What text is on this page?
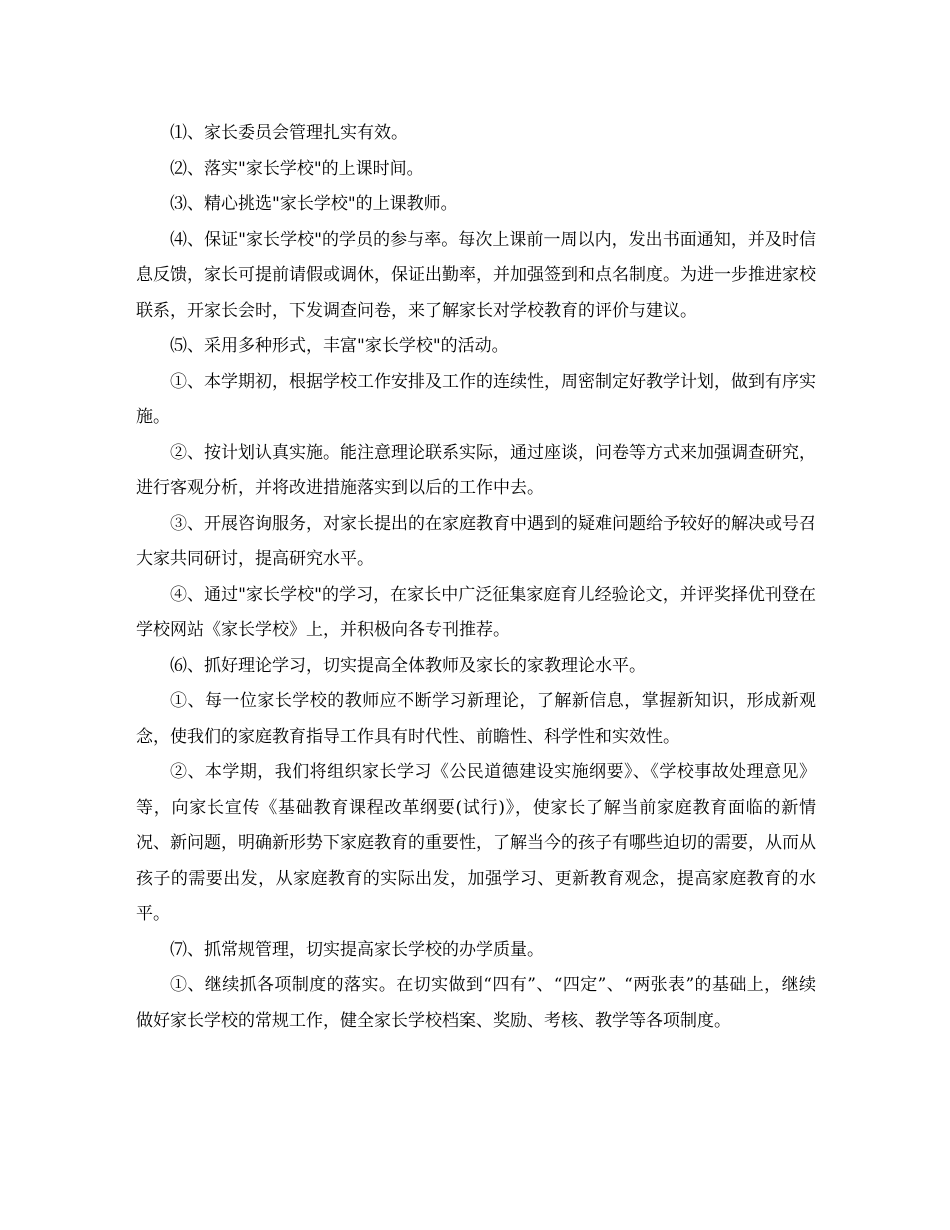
⑴、家长委员会管理扎实有效。

⑵、落实"家长学校"的上课时间。

⑶、精心挑选"家长学校"的上课教师。

⑷、保证"家长学校"的学员的参与率。每次上课前一周以内，发出书面通知，并及时信息反馈，家长可提前请假或调休，保证出勤率，并加强签到和点名制度。为进一步推进家校联系，开家长会时，下发调查问卷，来了解家长对学校教育的评价与建议。

⑸、采用多种形式，丰富"家长学校"的活动。

①、本学期初，根据学校工作安排及工作的连续性，周密制定好教学计划，做到有序实施。

②、按计划认真实施。能注意理论联系实际，通过座谈，问卷等方式来加强调查研究，进行客观分析，并将改进措施落实到以后的工作中去。

③、开展咨询服务，对家长提出的在家庭教育中遇到的疑难问题给予较好的解决或号召大家共同研讨，提高研究水平。

④、通过"家长学校"的学习，在家长中广泛征集家庭育儿经验论文，并评奖择优刊登在学校网站《家长学校》上，并积极向各专刊推荐。

⑹、抓好理论学习，切实提高全体教师及家长的家教理论水平。

①、每一位家长学校的教师应不断学习新理论，了解新信息，掌握新知识，形成新观念，使我们的家庭教育指导工作具有时代性、前瞻性、科学性和实效性。

②、本学期，我们将组织家长学习《公民道德建设实施纲要》、《学校事故处理意见》等，向家长宣传《基础教育课程改革纲要(试行)》，使家长了解当前家庭教育面临的新情况、新问题，明确新形势下家庭教育的重要性，了解当今的孩子有哪些迫切的需要，从而从孩子的需要出发，从家庭教育的实际出发，加强学习、更新教育观念，提高家庭教育的水平。

⑺、抓常规管理，切实提高家长学校的办学质量。

①、继续抓各项制度的落实。在切实做到“四有”、“四定”、“两张表”的基础上，继续做好家长学校的常规工作，健全家长学校档案、奖励、考核、教学等各项制度。
